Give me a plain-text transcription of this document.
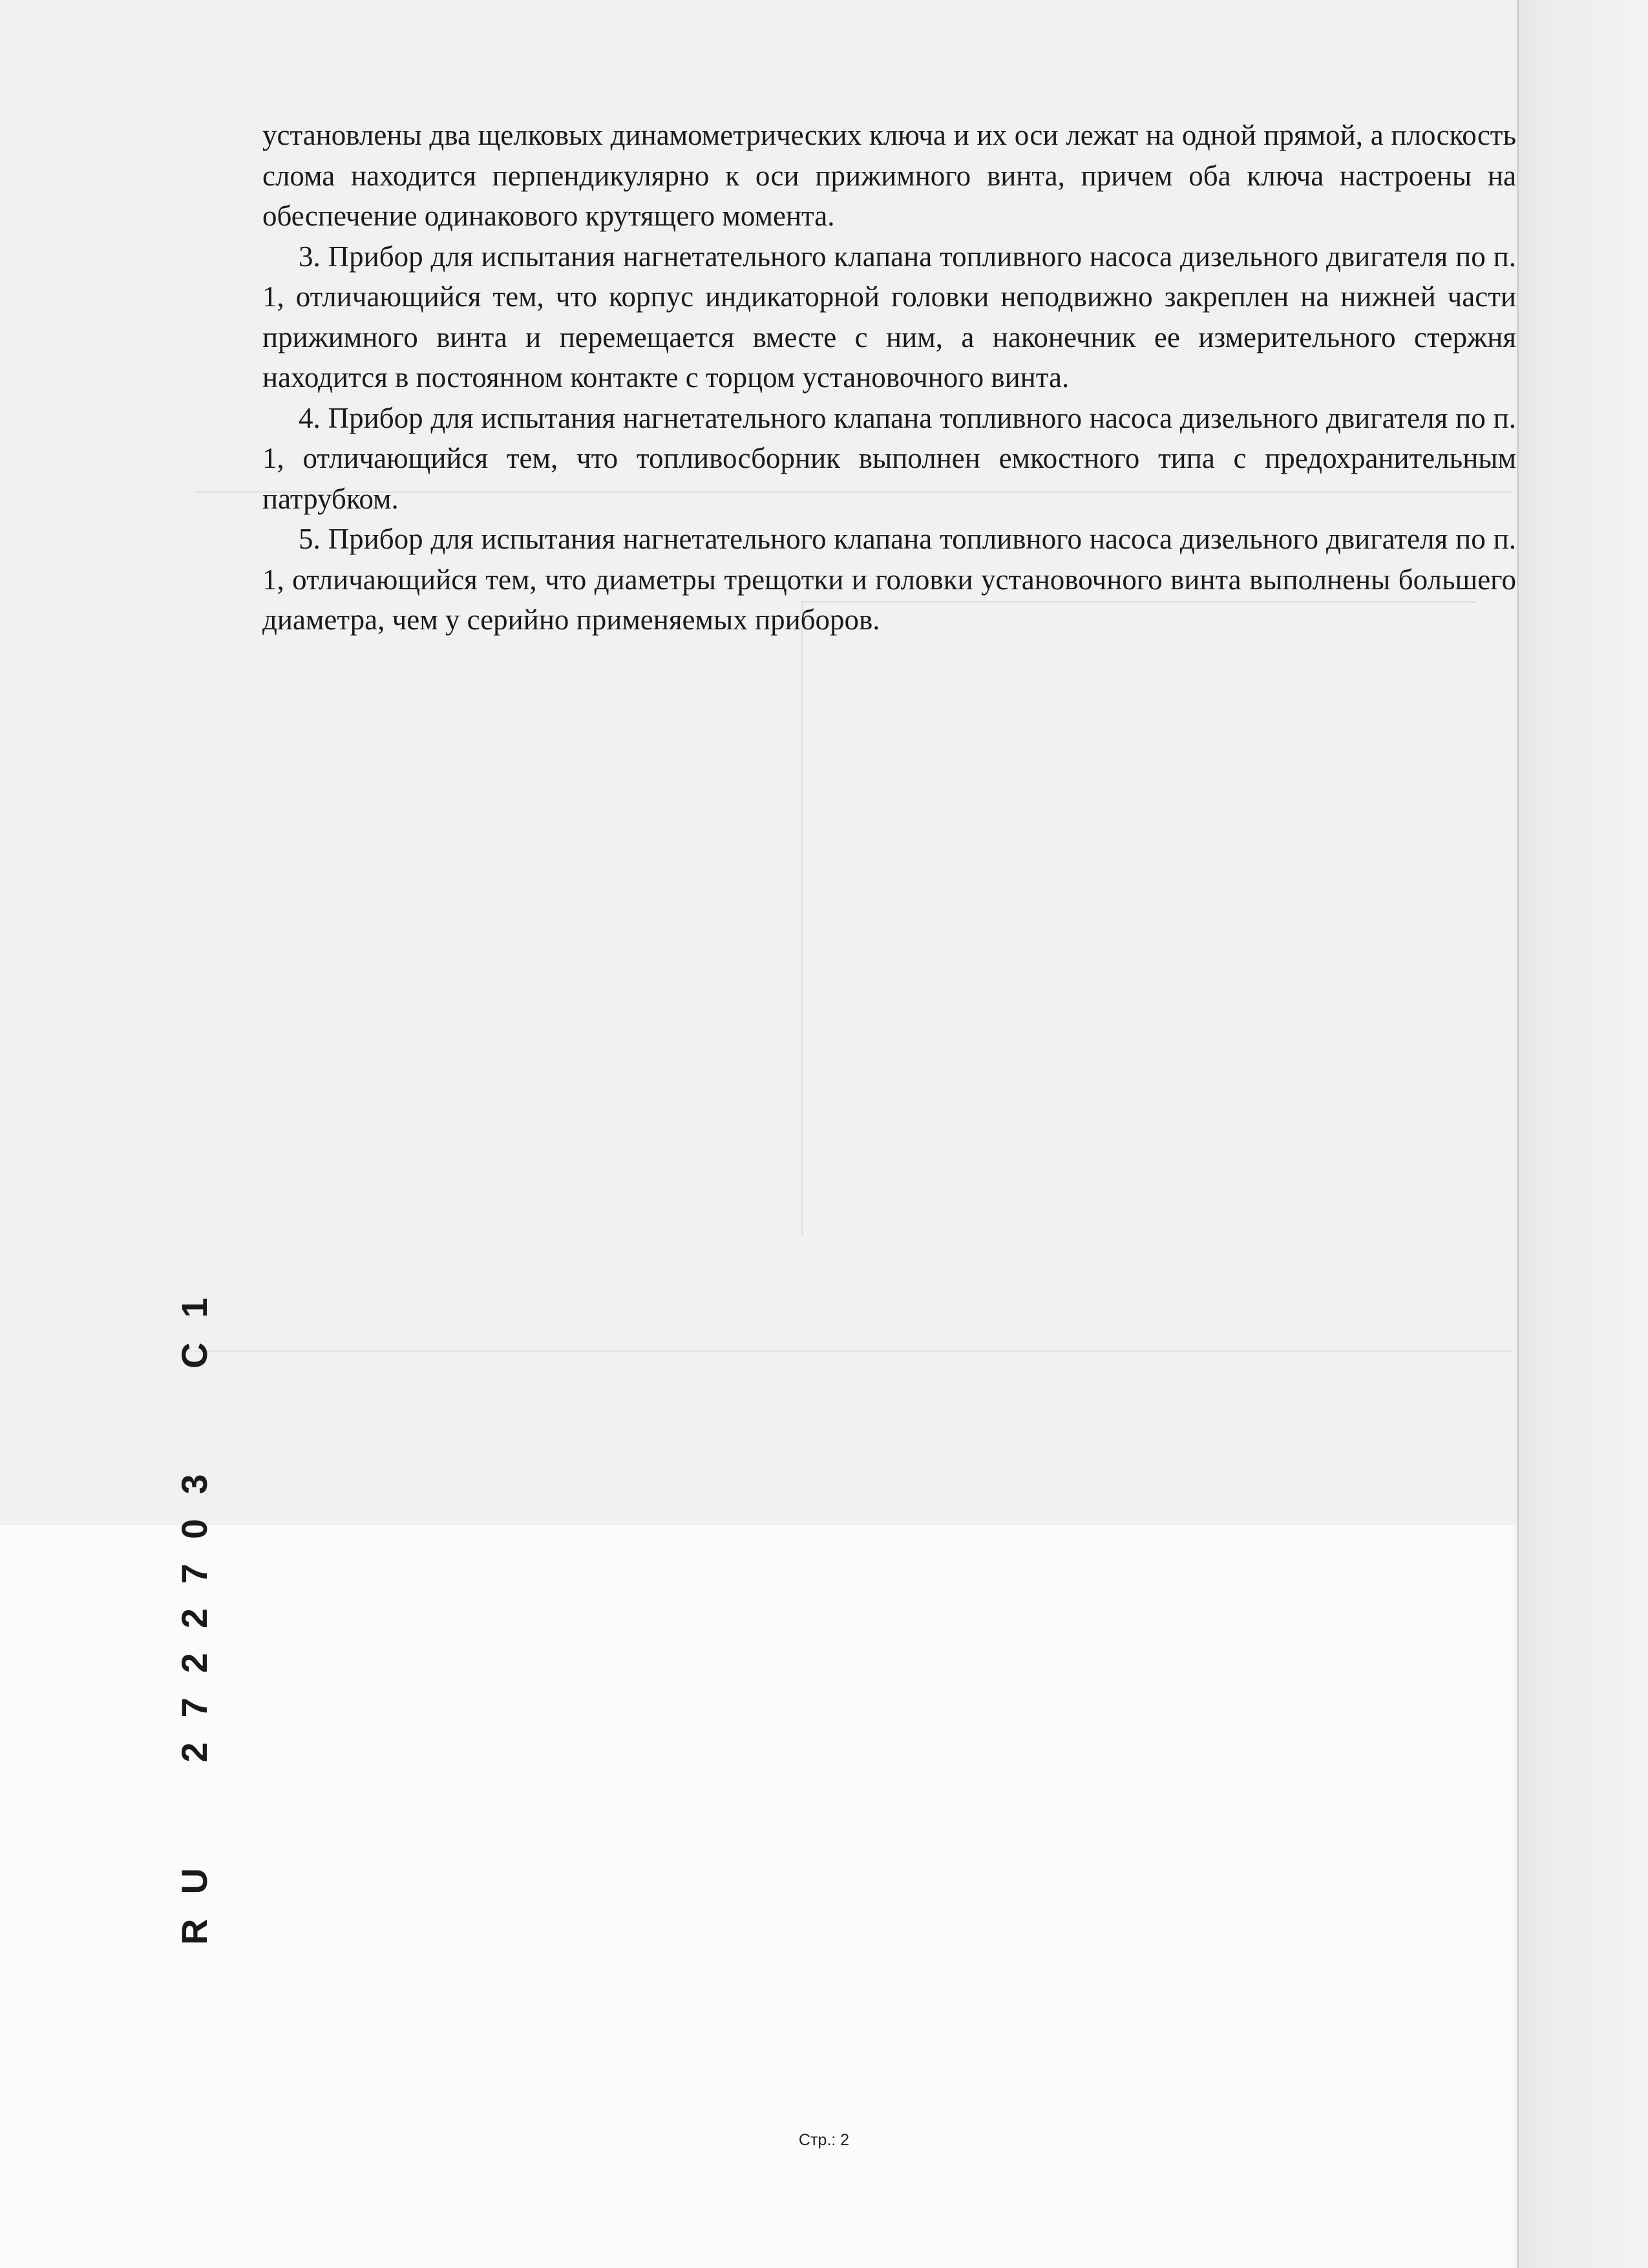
установлены два щелковых динамометрических ключа и их оси лежат на одной прямой, а плоскость слома находится перпендикулярно к оси прижимного винта, причем оба ключа настроены на обеспечение одинакового крутящего момента.

3. Прибор для испытания нагнетательного клапана топливного насоса дизельного двигателя по п. 1, отличающийся тем, что корпус индикаторной головки неподвижно закреплен на нижней части прижимного винта и перемещается вместе с ним, а наконечник ее измерительного стержня находится в постоянном контакте с торцом установочного винта.

4. Прибор для испытания нагнетательного клапана топливного насоса дизельного двигателя по п. 1, отличающийся тем, что топливосборник выполнен емкостного типа с предохранительным патрубком.

5. Прибор для испытания нагнетательного клапана топливного насоса дизельного двигателя по п. 1, отличающийся тем, что диаметры трещотки и головки установочного винта выполнены большего диаметра, чем у серийно применяемых приборов.

RU 2722703 C1
Стр.: 2
